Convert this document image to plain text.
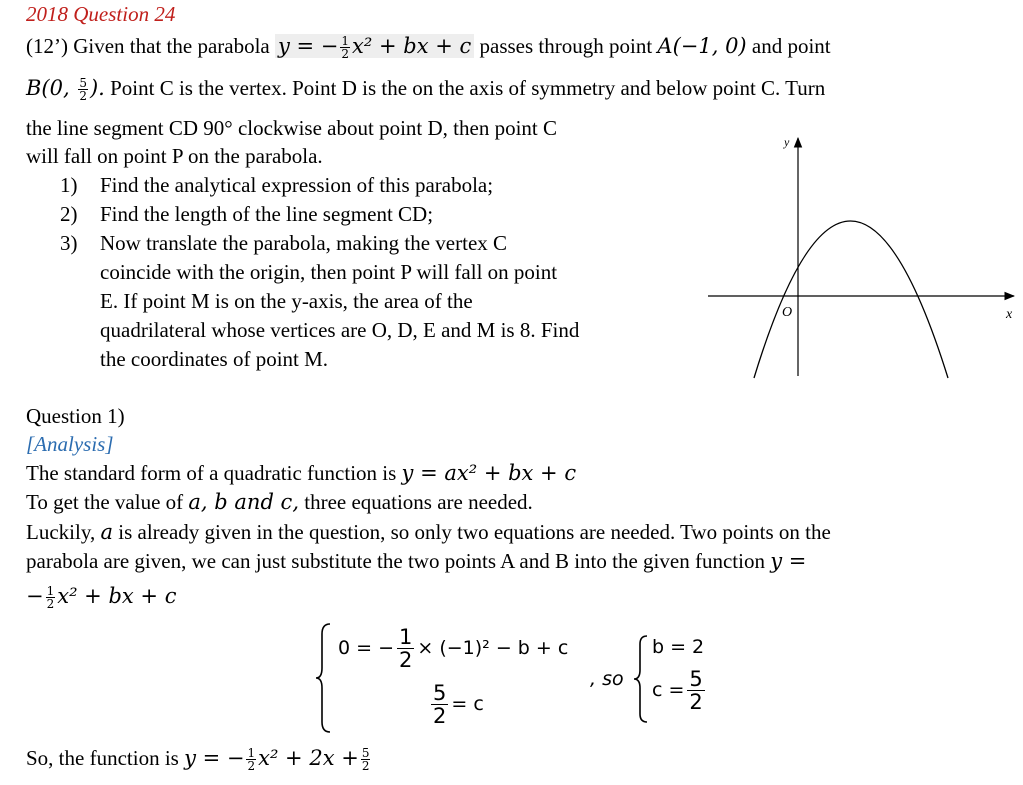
2018 Question 24
(12’) Given that the parabola y = − $\frac{1}{2} x^2$ + bx + c passes through point A(−1, 0) and point
B(0, $\frac{5}{2}$ ). Point C is the vertex. Point D is the on the axis of symmetry and below point C. Turn
the line segment CD 90° clockwise about point D, then point C
will fall on point P on the parabola.
1) Find the analytical expression of this parabola;
2) Find the length of the line segment CD;
3) Now translate the parabola, making the vertex C
coincide with the origin, then point P will fall on point
E. If point M is on the y-axis, the area of the
quadrilateral whose vertices are O, D, E and M is 8. Find
the coordinates of point M.
y
x
O
Question 1)
[Analysis]
The standard form of a quadratic function is y = ax² + bx + c
To get the value of a, b and c, three equations are needed.
Luckily, a is already given in the question, so only two equations are needed. Two points on the
parabola are given, we can just substitute the two points A and B into the given function y =
− $\frac{1}{2} x^2$ + bx + c
0 = − $\frac{1}{2} \times (-1)^2 - b + c$
$\frac{5}{2} = c$
, so
b = 2
$c = \frac{5}{2}$
So, the function is y = − $\frac{1}{2} x^2 + 2x + \frac{5}{2}$
